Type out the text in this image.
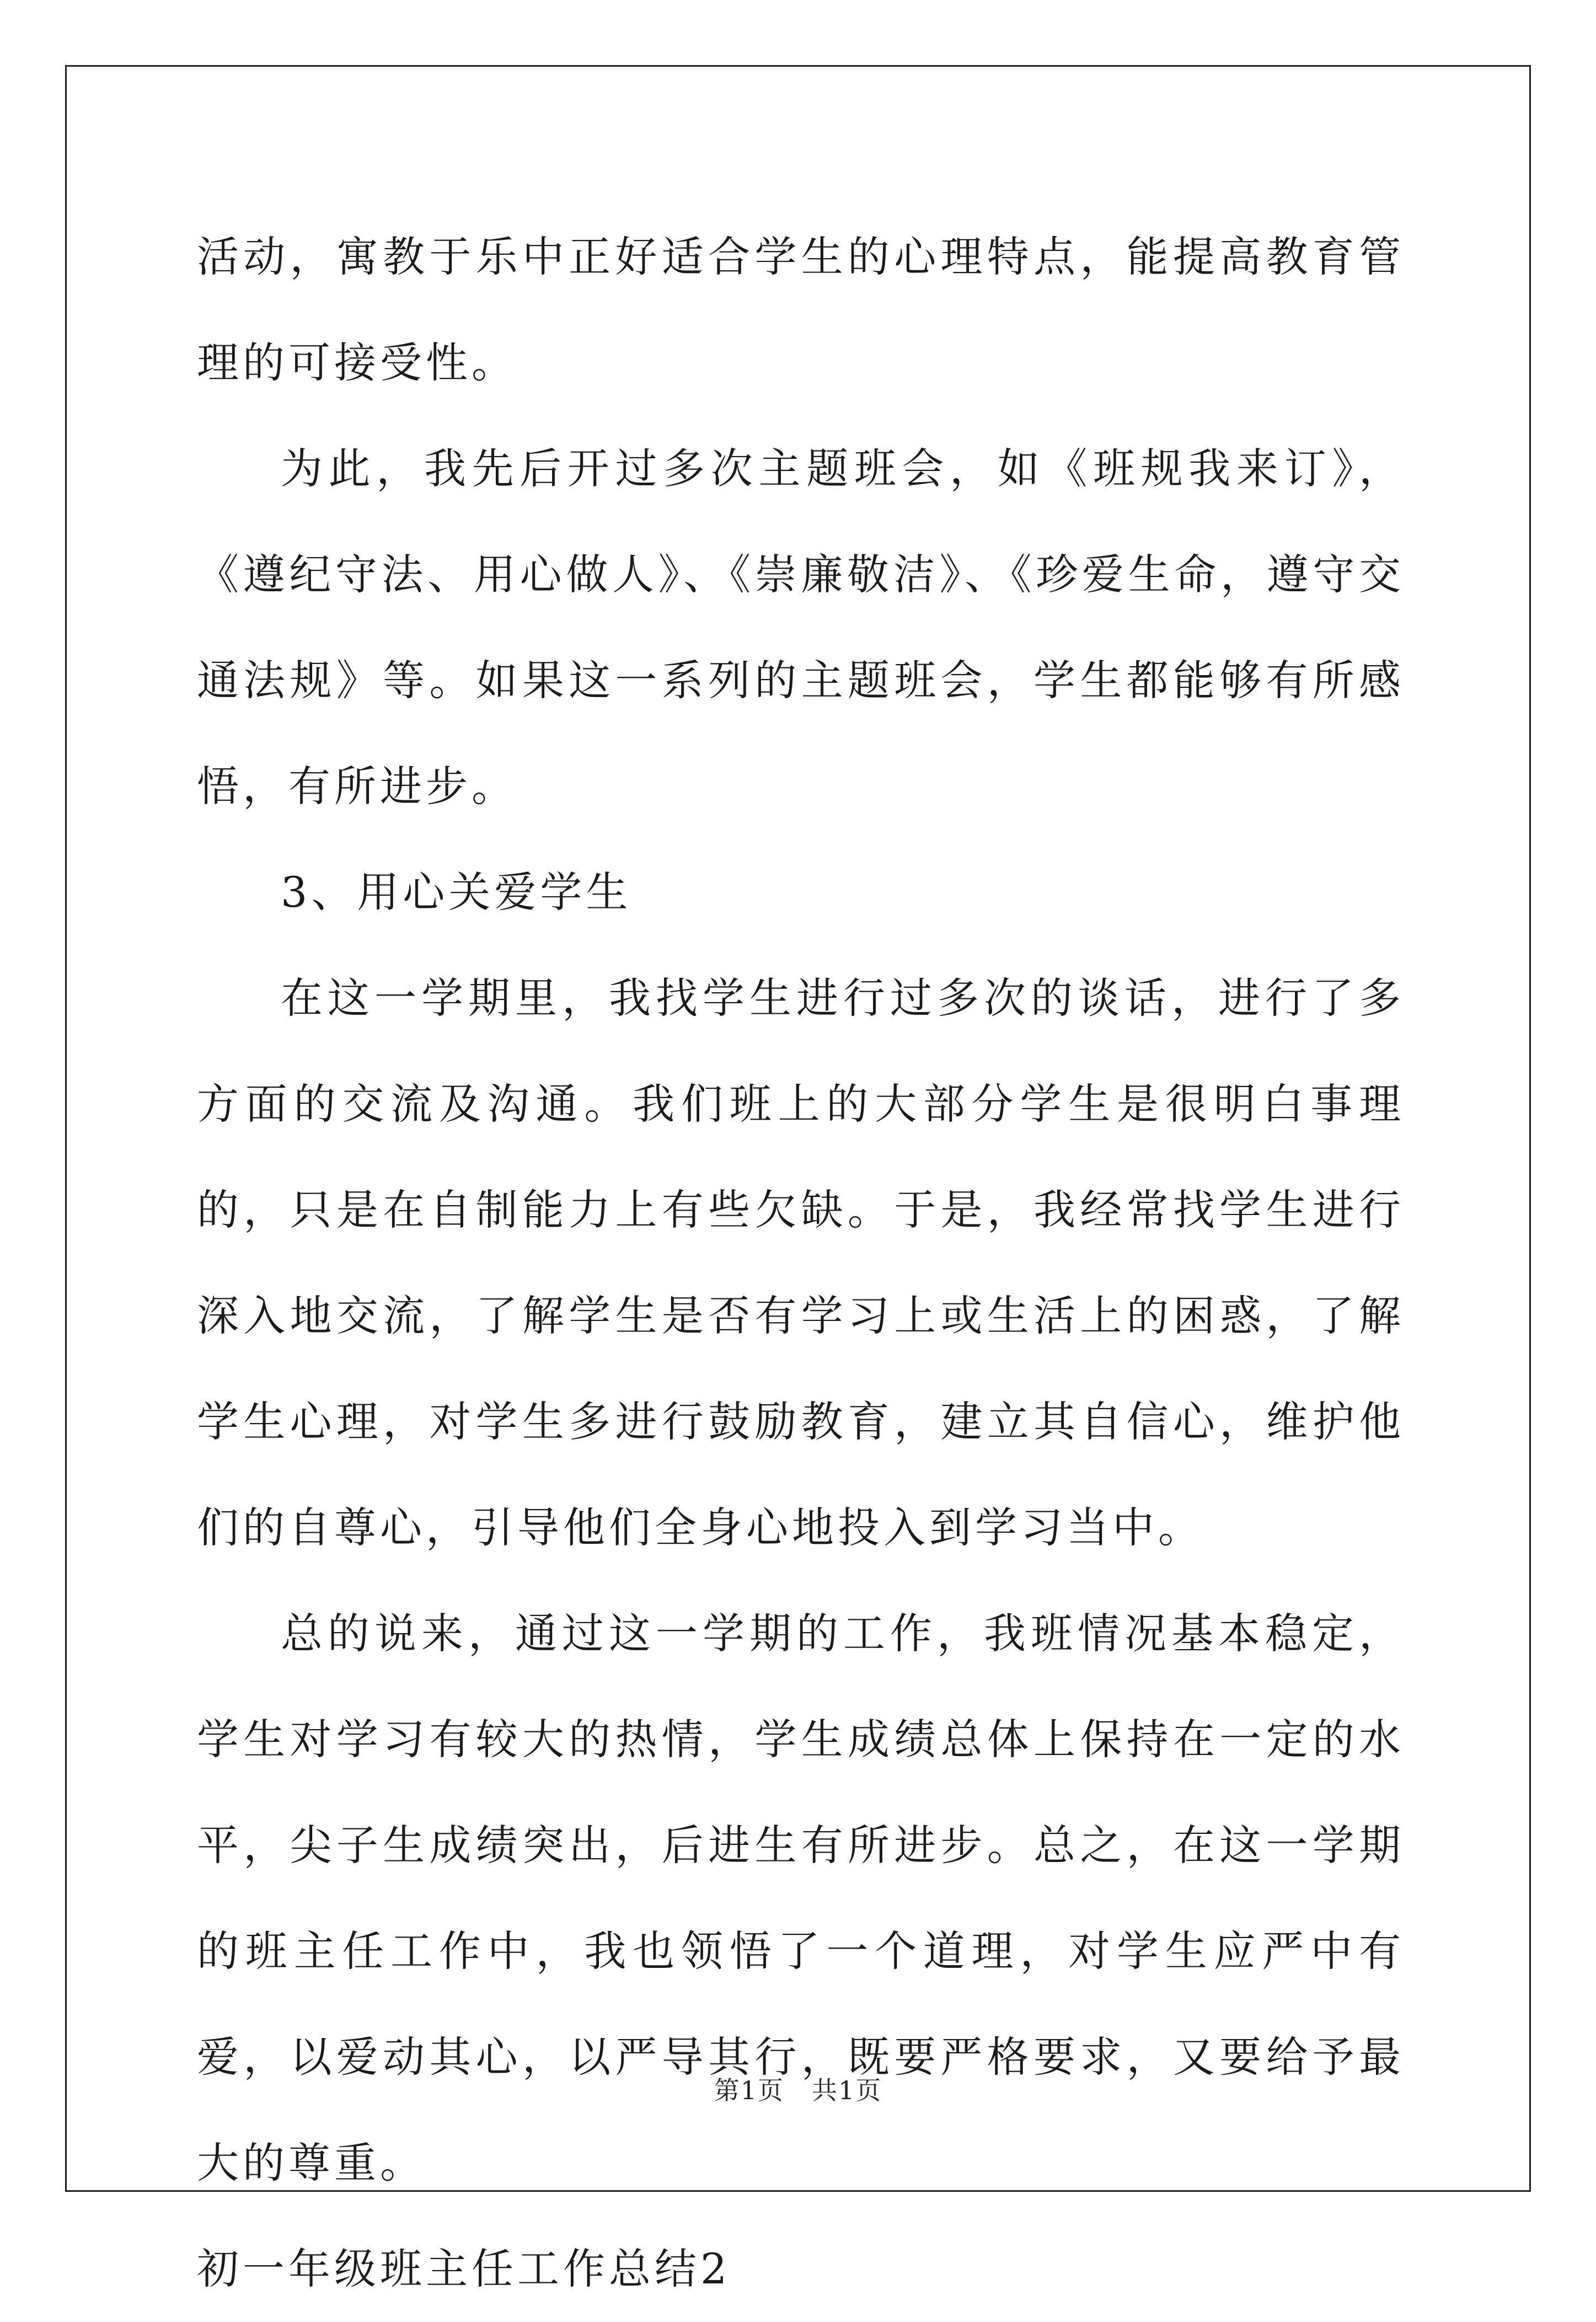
活动，寓教于乐中正好适合学生的心理特点，能提高教育管理的可接受性。

为此，我先后开过多次主题班会，如《班规我来订》，《遵纪守法、用心做人》、《崇廉敬洁》、《珍爱生命，遵守交通法规》等。如果这一系列的主题班会，学生都能够有所感悟，有所进步。

3、用心关爱学生

在这一学期里，我找学生进行过多次的谈话，进行了多方面的交流及沟通。我们班上的大部分学生是很明白事理的，只是在自制能力上有些欠缺。于是，我经常找学生进行深入地交流，了解学生是否有学习上或生活上的困惑，了解学生心理，对学生多进行鼓励教育，建立其自信心，维护他们的自尊心，引导他们全身心地投入到学习当中。

总的说来，通过这一学期的工作，我班情况基本稳定，学生对学习有较大的热情，学生成绩总体上保持在一定的水平，尖子生成绩突出，后进生有所进步。总之，在这一学期的班主任工作中，我也领悟了一个道理，对学生应严中有爱，以爱动其心，以严导其行，既要严格要求，又要给予最大的尊重。

初一年级班主任工作总结2

第1页 共1页
